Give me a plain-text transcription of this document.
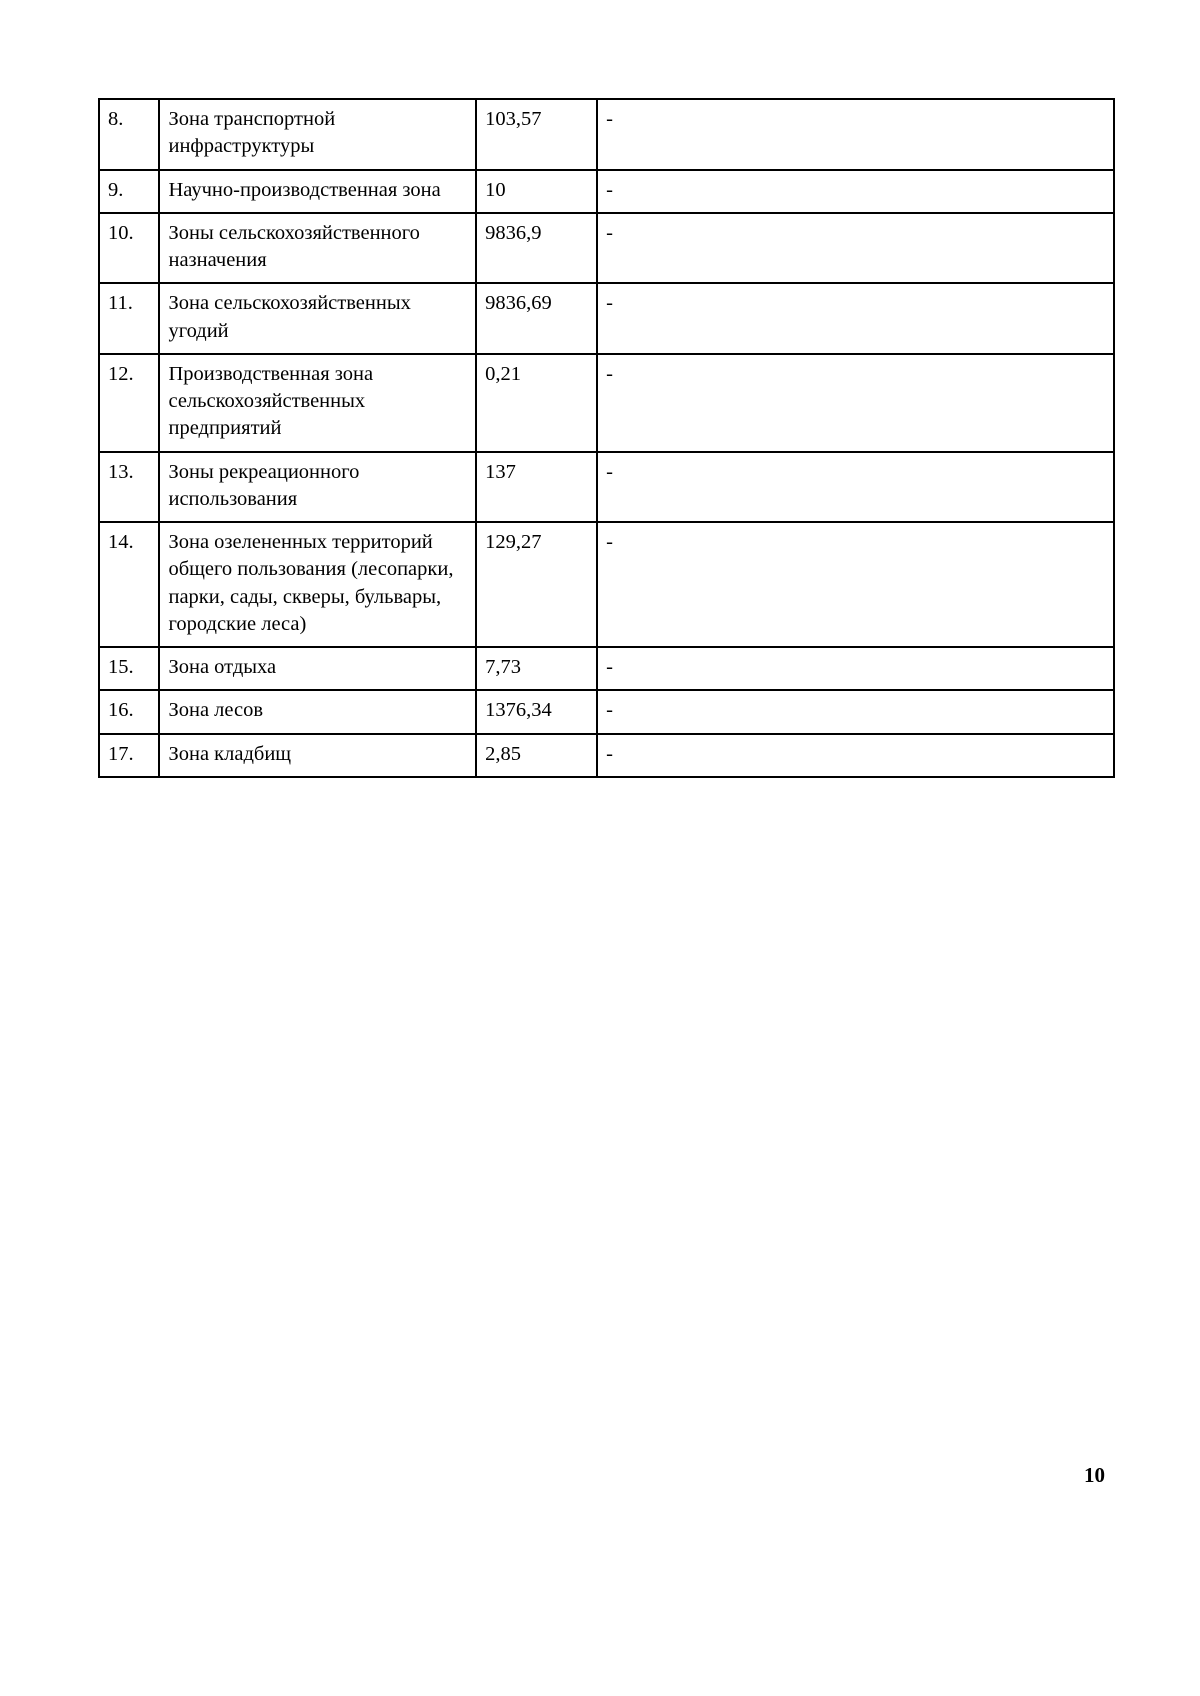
8.	Зона транспортной инфраструктуры	103,57	-
9.	Научно-производственная зона	10	-
10.	Зоны сельскохозяйственного назначения	9836,9	-
11.	Зона сельскохозяйственных угодий	9836,69	-
12.	Производственная зона сельскохозяйственных предприятий	0,21	-
13.	Зоны рекреационного использования	137	-
14.	Зона озелененных территорий общего пользования (лесопарки, парки, сады, скверы, бульвары, городские леса)	129,27	-
15.	Зона отдыха	7,73	-
16.	Зона лесов	1376,34	-
17.	Зона кладбищ	2,85	-
10
